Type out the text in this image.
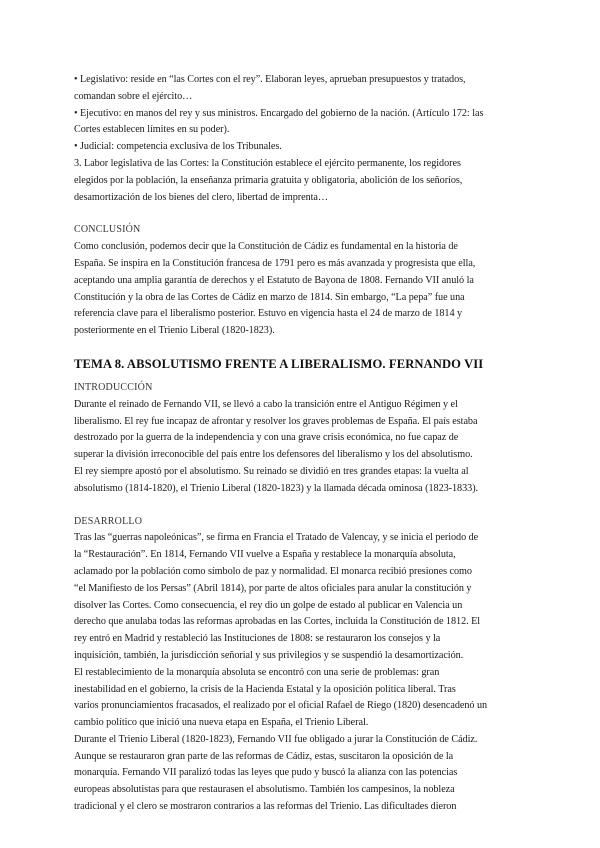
• Legislativo: reside en “las Cortes con el rey”. Elaboran leyes, aprueban presupuestos y tratados,
comandan sobre el ejército…
• Ejecutivo: en manos del rey y sus ministros. Encargado del gobierno de la nación. (Artículo 172: las
Cortes establecen límites en su poder).
• Judicial: competencia exclusiva de los Tribunales.
3. Labor legislativa de las Cortes: la Constitución establece el ejército permanente, los regidores
elegidos por la población, la enseñanza primaria gratuita y obligatoria, abolición de los señoríos,
desamortización de los bienes del clero, libertad de imprenta…
CONCLUSIÓN
Como conclusión, podemos decir que la Constitución de Cádiz es fundamental en la historia de
España. Se inspira en la Constitución francesa de 1791 pero es más avanzada y progresista que ella,
aceptando una amplia garantía de derechos y el Estatuto de Bayona de 1808. Fernando VII anuló la
Constitución y la obra de las Cortes de Cádiz en marzo de 1814. Sin embargo, “La pepa” fue una
referencia clave para el liberalismo posterior. Estuvo en vigencia hasta el 24 de marzo de 1814 y
posteriormente en el Trienio Liberal (1820-1823).
TEMA 8. ABSOLUTISMO FRENTE A LIBERALISMO. FERNANDO VII
INTRODUCCIÓN
Durante el reinado de Fernando VII, se llevó a cabo la transición entre el Antiguo Régimen y el
liberalismo. El rey fue incapaz de afrontar y resolver los graves problemas de España. El país estaba
destrozado por la guerra de la independencia y con una grave crisis económica, no fue capaz de
superar la división irreconocible del país entre los defensores del liberalismo y los del absolutismo.
El rey siempre apostó por el absolutismo. Su reinado se dividió en tres grandes etapas: la vuelta al
absolutismo (1814-1820), el Trienio Liberal (1820-1823) y la llamada década ominosa (1823-1833).
DESARROLLO
Tras las “guerras napoleónicas”, se firma en Francia el Tratado de Valencay, y se inicia el periodo de
la “Restauración”. En 1814, Fernando VII vuelve a España y restablece la monarquía absoluta,
aclamado por la población como símbolo de paz y normalidad. El monarca recibió presiones como
“el Manifiesto de los Persas” (Abril 1814), por parte de altos oficiales para anular la constitución y
disolver las Cortes. Como consecuencia, el rey dio un golpe de estado al publicar en Valencia un
derecho que anulaba todas las reformas aprobadas en las Cortes, incluida la Constitución de 1812. El
rey entró en Madrid y restableció las Instituciones de 1808: se restauraron los consejos y la
inquisición, también, la jurisdicción señorial y sus privilegios y se suspendió la desamortización.
El restablecimiento de la monarquía absoluta se encontró con una serie de problemas: gran
inestabilidad en el gobierno, la crisis de la Hacienda Estatal y la oposición política liberal. Tras
varios pronunciamientos fracasados, el realizado por el oficial Rafael de Riego (1820) desencadenó un
cambio político que inició una nueva etapa en España, el Trienio Liberal.
Durante el Trienio Liberal (1820-1823), Fernando VII fue obligado a jurar la Constitución de Cádiz.
Aunque se restauraron gran parte de las reformas de Cádiz, estas, suscitaron la oposición de la
monarquía. Fernando VII paralizó todas las leyes que pudo y buscó la alianza con las potencias
europeas absolutistas para que restaurasen el absolutismo. También los campesinos, la nobleza
tradicional y el clero se mostraron contrarios a las reformas del Trienio. Las dificultades dieron
